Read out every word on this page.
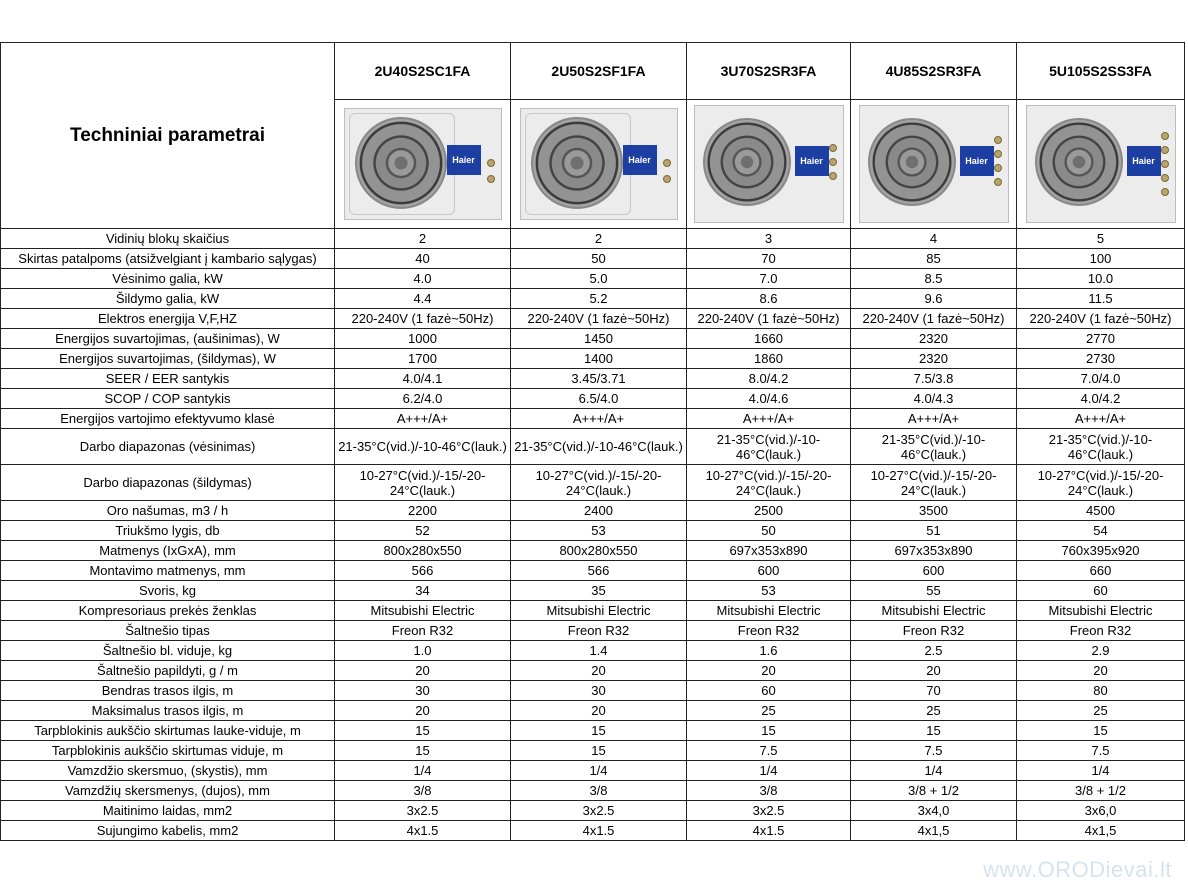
Techniniai parametrai	2U40S2SC1FA	2U50S2SF1FA	3U70S2SR3FA	4U85S2SR3FA	5U105S2SS3FA

Haier	Haier	Haier	Haier	Haier

Vidinių blokų skaičius	2	2	3	4	5
Skirtas patalpoms (atsižvelgiant į kambario sąlygas)	40	50	70	85	100
Vėsinimo galia, kW	4.0	5.0	7.0	8.5	10.0
Šildymo galia, kW	4.4	5.2	8.6	9.6	11.5
Elektros energija V,F,HZ	220-240V (1 fazė~50Hz)	220-240V (1 fazė~50Hz)	220-240V (1 fazė~50Hz)	220-240V (1 fazė~50Hz)	220-240V (1 fazė~50Hz)
Energijos suvartojimas, (aušinimas), W	1000	1450	1660	2320	2770
Energijos suvartojimas, (šildymas), W	1700	1400	1860	2320	2730
SEER / EER santykis	4.0/4.1	3.45/3.71	8.0/4.2	7.5/3.8	7.0/4.0
SCOP / COP santykis	6.2/4.0	6.5/4.0	4.0/4.6	4.0/4.3	4.0/4.2
Energijos vartojimo efektyvumo klasė	A+++/A+	A+++/A+	A+++/A+	A+++/A+	A+++/A+
Darbo diapazonas (vėsinimas)	21-35°C(vid.)/-10-46°C(lauk.)	21-35°C(vid.)/-10-46°C(lauk.)	21-35°C(vid.)/-10-46°C(lauk.)	21-35°C(vid.)/-10-46°C(lauk.)	21-35°C(vid.)/-10-46°C(lauk.)
Darbo diapazonas (šildymas)	10-27°C(vid.)/-15/-20-24°C(lauk.)	10-27°C(vid.)/-15/-20-24°C(lauk.)	10-27°C(vid.)/-15/-20-24°C(lauk.)	10-27°C(vid.)/-15/-20-24°C(lauk.)	10-27°C(vid.)/-15/-20-24°C(lauk.)
Oro našumas, m3 / h	2200	2400	2500	3500	4500
Triukšmo lygis, db	52	53	50	51	54
Matmenys (IxGxA), mm	800x280x550	800x280x550	697x353x890	697x353x890	760x395x920
Montavimo matmenys, mm	566	566	600	600	660
Svoris, kg	34	35	53	55	60
Kompresoriaus prekės ženklas	Mitsubishi Electric	Mitsubishi Electric	Mitsubishi Electric	Mitsubishi Electric	Mitsubishi Electric
Šaltnešio tipas	Freon R32	Freon R32	Freon R32	Freon R32	Freon R32
Šaltnešio bl. viduje, kg	1.0	1.4	1.6	2.5	2.9
Šaltnešio papildyti, g / m	20	20	20	20	20
Bendras trasos ilgis, m	30	30	60	70	80
Maksimalus trasos ilgis, m	20	20	25	25	25
Tarpblokinis aukščio skirtumas lauke-viduje, m	15	15	15	15	15
Tarpblokinis aukščio skirtumas viduje, m	15	15	7.5	7.5	7.5
Vamzdžio skersmuo, (skystis), mm	1/4	1/4	1/4	1/4	1/4
Vamzdžių skersmenys, (dujos), mm	3/8	3/8	3/8	3/8 + 1/2	3/8 + 1/2
Maitinimo laidas, mm2	3x2.5	3x2.5	3x2.5	3x4,0	3x6,0
Sujungimo kabelis, mm2	4x1.5	4x1.5	4x1.5	4x1,5	4x1,5
www.ORODievai.lt
